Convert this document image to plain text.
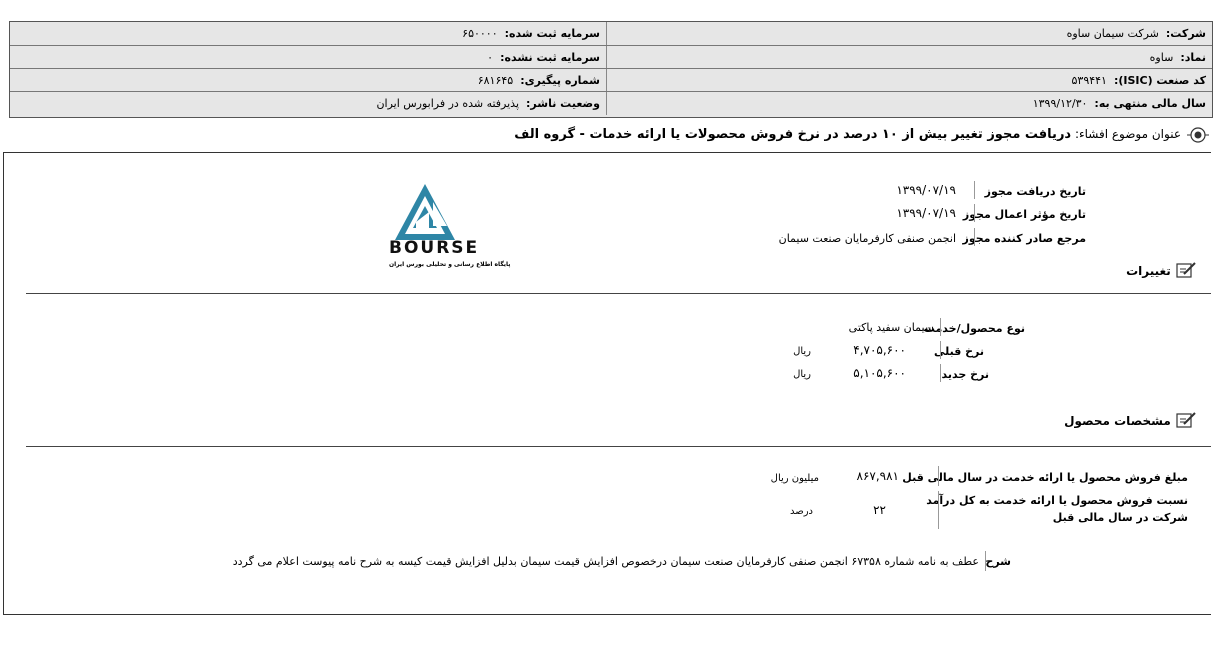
شرکت:  شرکت سیمان ساوه
سرمایه ثبت شده:  ۶۵۰۰۰۰
نماد:  ساوه
سرمایه ثبت نشده:  ۰
کد صنعت (ISIC):  ۵۳۹۴۴۱
شماره پیگیری:  ۶۸۱۶۴۵
سال مالی منتهی به:  ۱۳۹۹/۱۲/۳۰
وضعیت ناشر:  پذیرفته شده در فرابورس ایران
عنوان موضوع افشاء: دریافت مجوز تغییر بیش از ۱۰ درصد در نرخ فروش محصولات یا ارائه خدمات - گروه الف
تاریخ دریافت مجوز
۱۳۹۹/۰۷/۱۹
تاریخ مؤثر اعمال مجوز
۱۳۹۹/۰۷/۱۹
مرجع صادر کننده مجوز
انجمن صنفی کارفرمایان صنعت سیمان
تغییرات
نوع محصول/خدمت
سیمان سفید پاکتی
نرخ قبلی
۴,۷۰۵,۶۰۰
ریال
نرخ جدید
۵,۱۰۵,۶۰۰
ریال
مشخصات محصول
مبلغ فروش محصول یا ارائه خدمت در سال مالی قبل
۸۶۷,۹۸۱
میلیون ریال
نسبت فروش محصول یا ارائه خدمت به کل درآمد
شرکت در سال مالی قبل
۲۲
درصد
شرح
عطف به نامه شماره ۶۷۳۵۸ انجمن صنفی کارفرمایان صنعت سیمان درخصوص افزایش قیمت سیمان بدلیل افزایش قیمت کیسه به شرح نامه پیوست اعلام می گردد
BOURSE
پایگاه اطلاع رسانی و تحلیلی بورس ایران
